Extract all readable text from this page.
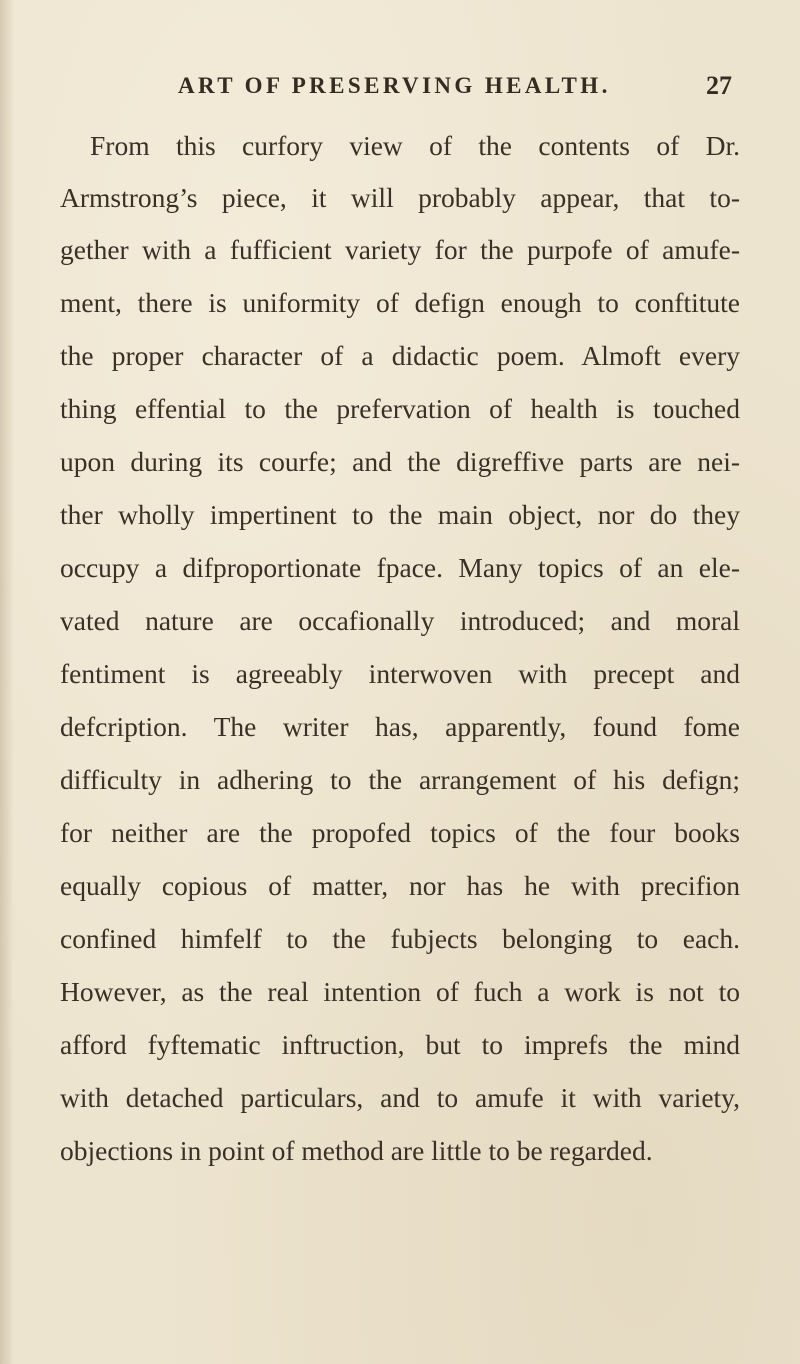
ART OF PRESERVING HEALTH.	27
From this curfory view of the contents of Dr.
Armstrong’s piece, it will probably appear, that to-
gether with a fufficient variety for the purpofe of amufe-
ment, there is uniformity of defign enough to conftitute
the proper character of a didactic poem. Almoft every
thing effential to the prefervation of health is touched
upon during its courfe; and the digreffive parts are nei-
ther wholly impertinent to the main object, nor do they
occupy a difproportionate fpace. Many topics of an ele-
vated nature are occafionally introduced; and moral
fentiment is agreeably interwoven with precept and
defcription. The writer has, apparently, found fome
difficulty in adhering to the arrangement of his defign;
for neither are the propofed topics of the four books
equally copious of matter, nor has he with precifion
confined himfelf to the fubjects belonging to each.
However, as the real intention of fuch a work is not to
afford fyftematic inftruction, but to imprefs the mind
with detached particulars, and to amufe it with variety,
objections in point of method are little to be regarded.
